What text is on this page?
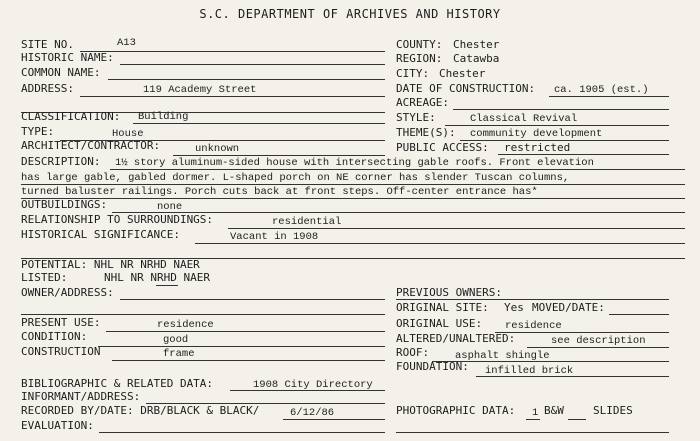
S.C. DEPARTMENT OF ARCHIVES AND HISTORY
SITE NO.	A13
HISTORIC NAME:
COMMON NAME:
ADDRESS:	119 Academy Street
CLASSIFICATION: Building
TYPE:	House
ARCHITECT/CONTRACTOR:	unknown
COUNTY: Chester
REGION: Catawba
CITY: Chester
DATE OF CONSTRUCTION: ca. 1905 (est.)
ACREAGE:
STYLE:	Classical Revival
THEME(S): community development
PUBLIC ACCESS: restricted
DESCRIPTION: 1½ story aluminum-sided house with intersecting gable roofs. Front elevation
has large gable, gabled dormer. L-shaped porch on NE corner has slender Tuscan columns,
turned baluster railings. Porch cuts back at front steps. Off-center entrance has*
OUTBUILDINGS:	none
RELATIONSHIP TO SURROUNDINGS:	residential
HISTORICAL SIGNIFICANCE:	Vacant in 1908
POTENTIAL: NHL NR NRHD NAER
LISTED:	NHL NR NRHD NAER
OWNER/ADDRESS:	PREVIOUS OWNERS:
ORIGINAL SITE: Yes MOVED/DATE:
PRESENT USE:	residence
CONDITION:	good
CONSTRUCTION	frame
ORIGINAL USE: residence
ALTERED/UNALTERED:	see description
ROOF: asphalt shingle
FOUNDATION: infilled brick
BIBLIOGRAPHIC & RELATED DATA:	1908 City Directory
INFORMANT/ADDRESS:
RECORDED BY/DATE: DRB/BLACK & BLACK/	6/12/86	PHOTOGRAPHIC DATA: 1 B&W	SLIDES
EVALUATION:
